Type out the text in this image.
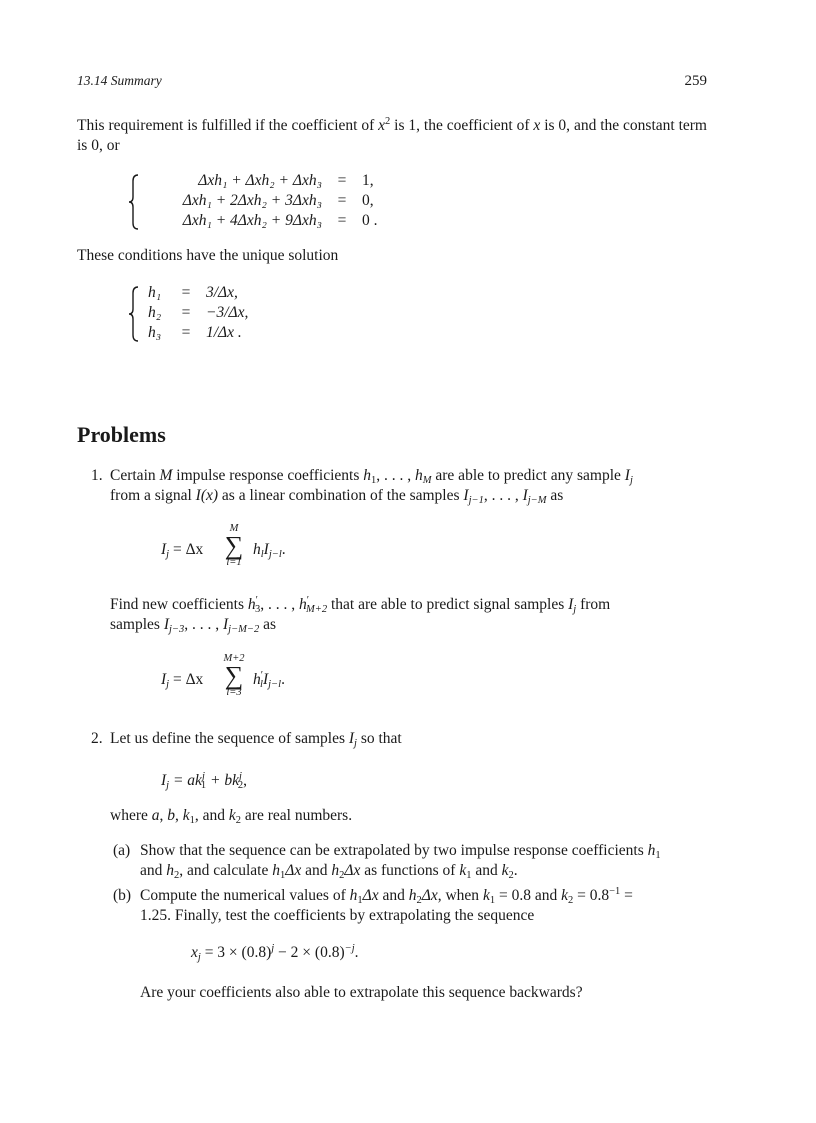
13.14 Summary	259
This requirement is fulfilled if the coefficient of $x^2$ is 1, the coefficient of x is 0, and the constant term is 0, or
Δxh₁ + Δxh₂ + Δxh₃	=	1,
Δxh₁ + 2Δxh₂ + 3Δxh₃	=	0,
Δxh₁ + 4Δxh₂ + 9Δxh₃	=	0 .
These conditions have the unique solution
h₁	=	3/Δx,
h₂	=	−3/Δx,
h₃	=	1/Δx .
Problems
1. Certain M impulse response coefficients $h_1$, . . . , $h_M$ are able to predict any sample $I_j$
from a signal I(x) as a linear combination of the samples $I_{j-1}$, . . . , $I_{j-M}$ as
$I_j = \Delta x$
M
∑
l=1
$h_lI_{j-l}$.
Find new coefficients $h'_3$, . . . , $h'_{M+2}$ that are able to predict signal samples $I_j$ from
samples $I_{j-3}$, . . . , $I_{j-M-2}$ as
$I_j = \Delta x$
M+2
∑
l=3
$h'_lI_{j-l}$.
2. Let us define the sequence of samples $I_j$ so that
$I_j = ak^j_1 + bk^j_2$,
where a, b, $k_1$, and $k_2$ are real numbers.
(a) Show that the sequence can be extrapolated by two impulse response coefficients $h_1$
and $h_2$, and calculate $h_1\Delta x$ and $h_2\Delta x$ as functions of $k_1$ and $k_2$.
(b) Compute the numerical values of $h_1\Delta x$ and $h_2\Delta x$, when $k_1 = 0.8$ and $k_2 = 0.8^{-1}$ =
1.25. Finally, test the coefficients by extrapolating the sequence
$x_j = 3 \times (0.8)^j - 2 \times (0.8)^{-j}$.
Are your coefficients also able to extrapolate this sequence backwards?
